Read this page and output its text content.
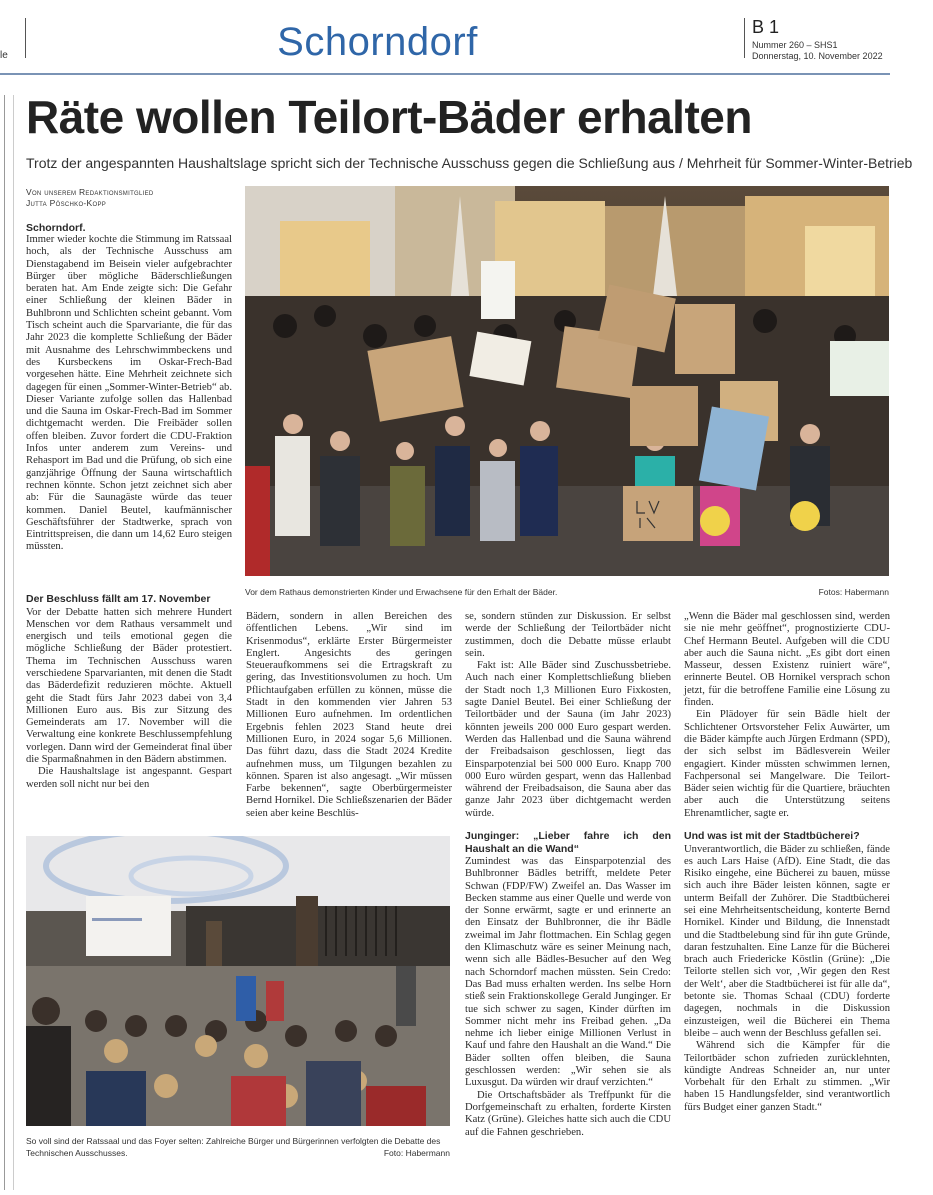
le	Schorndorf	B 1
Nummer 260 – SHS1
Donnerstag, 10. November 2022
Räte wollen Teilort-Bäder erhalten
Trotz der angespannten Haushaltslage spricht sich der Technische Ausschuss gegen die Schließung aus / Mehrheit für Sommer-Winter-Betrieb
Von unserem Redaktionsmitglied
Jutta Pöschko-Kopp
Schorndorf.

Immer wieder kochte die Stimmung im Ratssaal hoch, als der Technische Ausschuss am Dienstagabend im Beisein vieler aufgebrachter Bürger über mögliche Bäderschließungen beraten hat. Am Ende zeigte sich: Die Gefahr einer Schließung der kleinen Bäder in Buhlbronn und Schlichten scheint gebannt. Vom Tisch scheint auch die Sparvariante, die für das Jahr 2023 die komplette Schließung der Bäder mit Ausnahme des Lehrschwimmbeckens und des Kursbeckens im Oskar-Frech-Bad vorgesehen hätte. Eine Mehrheit zeichnete sich dagegen für einen „Sommer-Winter-Betrieb“ ab. Dieser Variante zufolge sollen das Hallenbad und die Sauna im Oskar-Frech-Bad im Sommer dichtgemacht werden. Die Freibäder sollen offen bleiben. Zuvor fordert die CDU-Fraktion Infos unter anderem zum Vereins- und Rehasport im Bad und die Prüfung, ob sich eine ganzjährige Öffnung der Sauna wirtschaftlich rechnen könnte. Schon jetzt zeichnet sich aber ab: Für die Saunagäste würde das teuer kommen. Daniel Beutel, kaufmännischer Geschäftsführer der Stadtwerke, sprach von Eintrittspreisen, die dann um 14,62 Euro steigen müssten.

Der Beschluss fällt am 17. November

Vor der Debatte hatten sich mehrere Hundert Menschen vor dem Rathaus versammelt und energisch und teils emotional gegen die mögliche Schließung der Bäder protestiert. Thema im Technischen Ausschuss waren verschiedene Sparvarianten, mit denen die Stadt das Bäderdefizit reduzieren möchte. Aktuell geht die Stadt fürs Jahr 2023 dabei von 3,4 Millionen Euro aus. Bis zur Sitzung des Gemeinderats am 17. November will die Verwaltung eine konkrete Beschlussempfehlung vorlegen. Dann wird der Gemeinderat final über die Sparmaßnahmen in den Bädern abstimmen.

Die Haushaltslage ist angespannt. Gespart werden soll nicht nur bei den

Bädern, sondern in allen Bereichen des öffentlichen Lebens. „Wir sind im Krisenmodus“, erklärte Erster Bürgermeister Englert. Angesichts des geringen Steueraufkommens sei die Ertragskraft zu gering, das Investitionsvolumen zu hoch. Um Pflichtaufgaben erfüllen zu können, müsse die Stadt in den kommenden vier Jahren 53 Millionen Euro aufnehmen. Im ordentlichen Ergebnis fehlen 2023 Stand heute drei Millionen Euro, in 2024 sogar 5,6 Millionen. Das führt dazu, dass die Stadt 2024 Kredite aufnehmen muss, um Tilgungen bezahlen zu können. Sparen ist also angesagt. „Wir müssen Farbe bekennen“, sagte Oberbürgermeister Bernd Hornikel. Die Schließszenarien der Bäder seien aber keine Beschlüs-

se, sondern stünden zur Diskussion. Er selbst werde der Schließung der Teilortbäder nicht zustimmen, doch die Debatte müsse erlaubt sein.

Fakt ist: Alle Bäder sind Zuschussbetriebe. Auch nach einer Komplettschließung blieben der Stadt noch 1,3 Millionen Euro Fixkosten, sagte Daniel Beutel. Bei einer Schließung der Teilortbäder und der Sauna (im Jahr 2023) könnten jeweils 200 000 Euro gespart werden. Werden das Hallenbad und die Sauna während der Freibadsaison geschlossen, liegt das Einsparpotenzial bei 500 000 Euro. Knapp 700 000 Euro würden gespart, wenn das Hallenbad während der Freibadsaison, die Sauna aber das ganze Jahr 2023 über dichtgemacht werden würde.

Junginger: „Lieber fahre ich den Haushalt an die Wand“

Zumindest was das Einsparpotenzial des Buhlbronner Bädles betrifft, meldete Peter Schwan (FDP/FW) Zweifel an. Das Wasser im Becken stamme aus einer Quelle und werde von der Sonne erwärmt, sagte er und erinnerte an den Einsatz der Buhlbronner, die ihr Bädle zweimal im Jahr flottmachen. Ein Schlag gegen den Klimaschutz wäre es seiner Meinung nach, wenn sich alle Bädles-Besucher auf den Weg nach Schorndorf machen müssten. Sein Credo: Das Bad muss erhalten werden. Ins selbe Horn stieß sein Fraktionskollege Gerald Junginger. Er tue sich schwer zu sagen, Kinder dürften im Sommer nicht mehr ins Freibad gehen. „Da nehme ich lieber einige Millionen Verlust in Kauf und fahre den Haushalt an die Wand.“ Die Bäder sollten offen bleiben, die Sauna geschlossen werden: „Wir sehen sie als Luxusgut. Da würden wir drauf verzichten.“

Die Ortschaftsbäder als Treffpunkt für die Dorfgemeinschaft zu erhalten, forderte Kirsten Katz (Grüne). Gleiches hatte sich auch die CDU auf die Fahnen geschrieben.

„Wenn die Bäder mal geschlossen sind, werden sie nie mehr geöffnet“, prognostizierte CDU-Chef Hermann Beutel. Aufgeben will die CDU aber auch die Sauna nicht. „Es gibt dort einen Masseur, dessen Existenz ruiniert wäre“, erinnerte Beutel. OB Hornikel versprach schon jetzt, für die betroffene Familie eine Lösung zu finden.

Ein Plädoyer für sein Bädle hielt der Schlichtener Ortsvorsteher Felix Auwärter, um die Bäder kämpfte auch Jürgen Erdmann (SPD), der sich selbst im Bädlesverein Weiler engagiert. Kinder müssten schwimmen lernen, Fachpersonal sei Mangelware. Die Teilort-Bäder seien wichtig für die Quartiere, bräuchten aber auch die Unterstützung seitens Ehrenamtlicher, sagte er.

Und was ist mit der Stadtbücherei?

Unverantwortlich, die Bäder zu schließen, fände es auch Lars Haise (AfD). Eine Stadt, die das Risiko eingehe, eine Bücherei zu bauen, müsse sich auch ihre Bäder leisten können, sagte er unterm Beifall der Zuhörer. Die Stadtbücherei sei eine Mehrheitsentscheidung, konterte Bernd Hornikel. Kinder und Bildung, die Innenstadt und die Stadtbelebung sind für ihn gute Gründe, daran festzuhalten. Eine Lanze für die Bücherei brach auch Friedericke Köstlin (Grüne): „Die Teilorte stellen sich vor, ‚Wir gegen den Rest der Welt‘, aber die Stadtbücherei ist für alle da“, betonte sie. Thomas Schaal (CDU) forderte dagegen, nochmals in die Diskussion einzusteigen, weil die Bücherei ein Thema bleibe – auch wenn der Beschluss gefallen sei.

Während sich die Kämpfer für die Teilortbäder schon zufrieden zurücklehnten, kündigte Andreas Schneider an, nur unter Vorbehalt für den Erhalt zu stimmen. „Wir haben 15 Handlungsfelder, sind verantwortlich fürs Budget einer ganzen Stadt.“

Vor dem Rathaus demonstrierten Kinder und Erwachsene für den Erhalt der Bäder.	Fotos: Habermann
So voll sind der Ratssaal und das Foyer selten: Zahlreiche Bürger und Bürgerinnen verfolgten die Debatte des Technischen Ausschusses.	Foto: Habermann
